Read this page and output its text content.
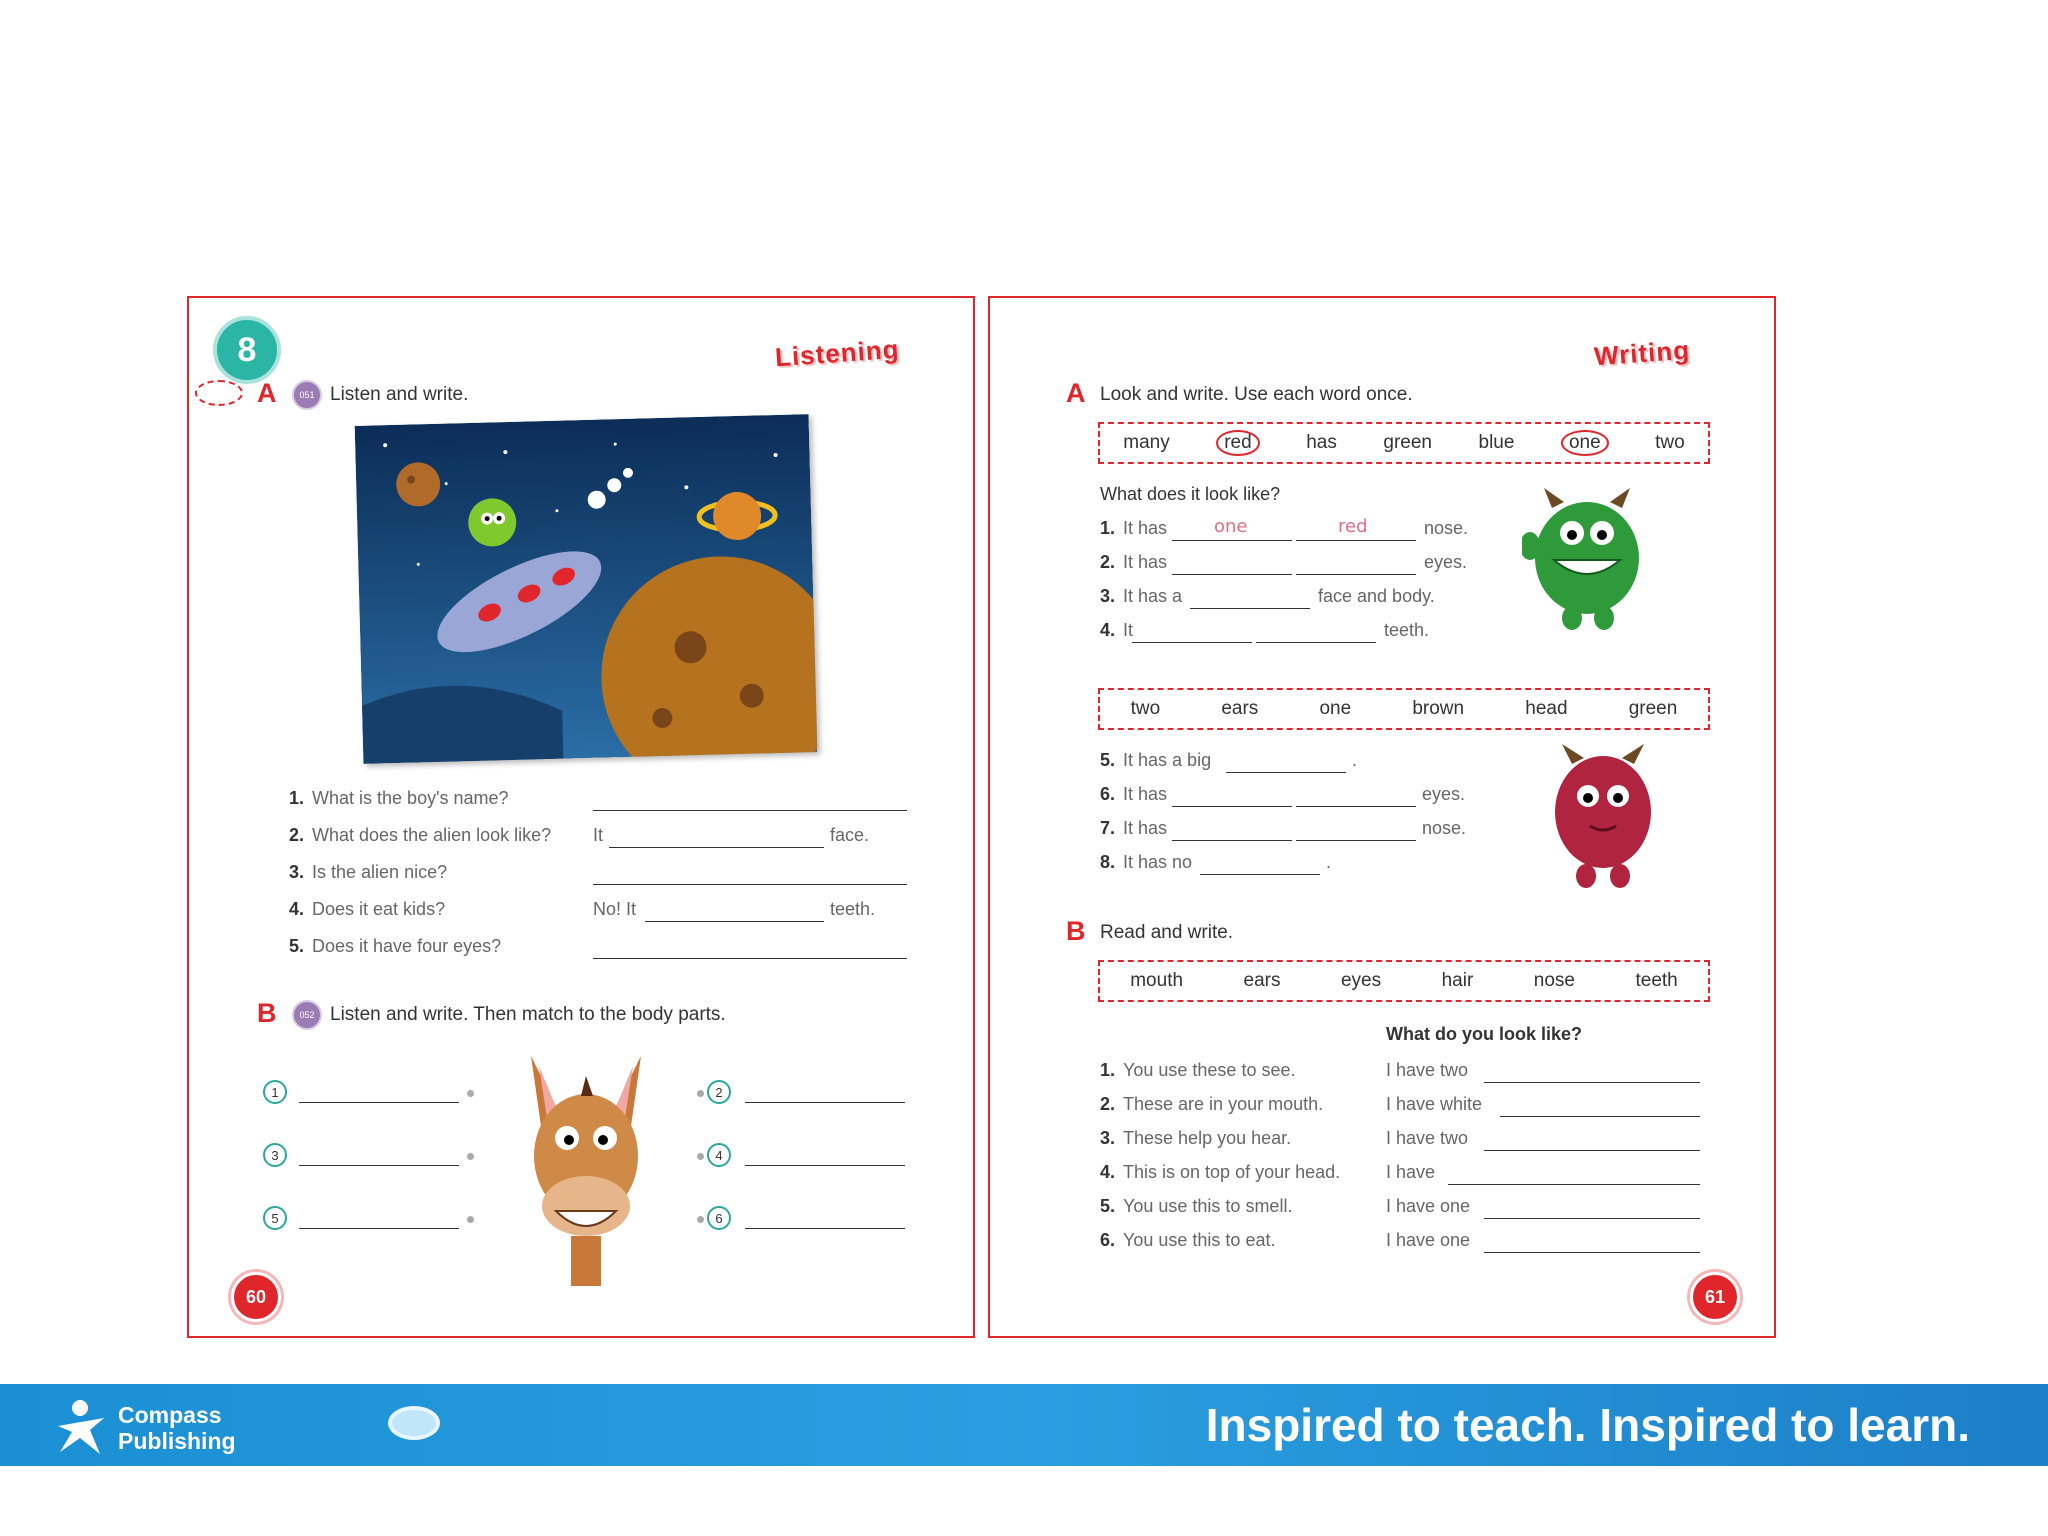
8	Listening
A	051 Listen and write.
1. What is the boy's name?
2. What does the alien look like? It	face.
3. Is the alien nice?
4. Does it eat kids?	No! It	teeth.
5. Does it have four eyes?
B	052 Listen and write. Then match to the body parts.
1	2
3	4
5	6
60
Writing
A Look and write. Use each word once.
many	red	has green blue	one	two
What does it look like?
1. It has	one	red	nose.
2. It has	eyes.
3. It has a	face and body.
4. It	teeth.
two	ears	one	brown	head	green
5. It has a big	.
6. It has	eyes.
7. It has	nose.
8. It has no	.
B Read and write.
mouth	ears	eyes	hair	nose	teeth
What do you look like?
1. You use these to see.	I have two
2. These are in your mouth.	I have white
3. These help you hear.	I have two
4. This is on top of your head.	I have
5. You use this to smell.	I have one
6. You use this to eat.	I have one
61
Compass
Publishing	Inspired to teach. Inspired to learn.
